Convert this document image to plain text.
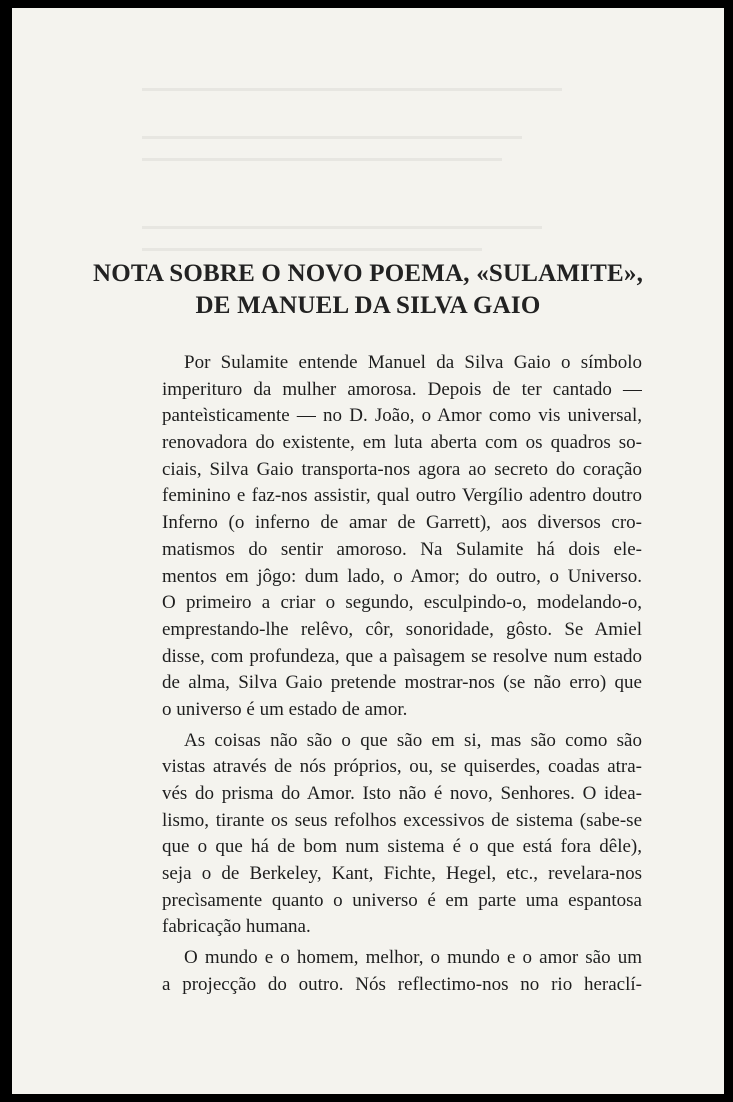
NOTA SOBRE O NOVO POEMA, «SULAMITE»,
DE MANUEL DA SILVA GAIO
Por Sulamite entende Manuel da Silva Gaio o símbolo
imperituro da mulher amorosa. Depois de ter cantado —
panteìsticamente — no D. João, o Amor como vis universal,
renovadora do existente, em luta aberta com os quadros so-
ciais, Silva Gaio transporta-nos agora ao secreto do coração
feminino e faz-nos assistir, qual outro Vergílio adentro doutro
Inferno (o inferno de amar de Garrett), aos diversos cro-
matismos do sentir amoroso. Na Sulamite há dois ele-
mentos em jôgo: dum lado, o Amor; do outro, o Universo.
O primeiro a criar o segundo, esculpindo-o, modelando-o,
emprestando-lhe relêvo, côr, sonoridade, gôsto. Se Amiel
disse, com profundeza, que a paìsagem se resolve num estado
de alma, Silva Gaio pretende mostrar-nos (se não erro) que
o universo é um estado de amor.
As coisas não são o que são em si, mas são como são
vistas através de nós próprios, ou, se quiserdes, coadas atra-
vés do prisma do Amor. Isto não é novo, Senhores. O idea-
lismo, tirante os seus refolhos excessivos de sistema (sabe-se
que o que há de bom num sistema é o que está fora dêle),
seja o de Berkeley, Kant, Fichte, Hegel, etc., revelara-nos
precìsamente quanto o universo é em parte uma espantosa
fabricação humana.
O mundo e o homem, melhor, o mundo e o amor são um
a projecção do outro. Nós reflectimo-nos no rio heraclí-
